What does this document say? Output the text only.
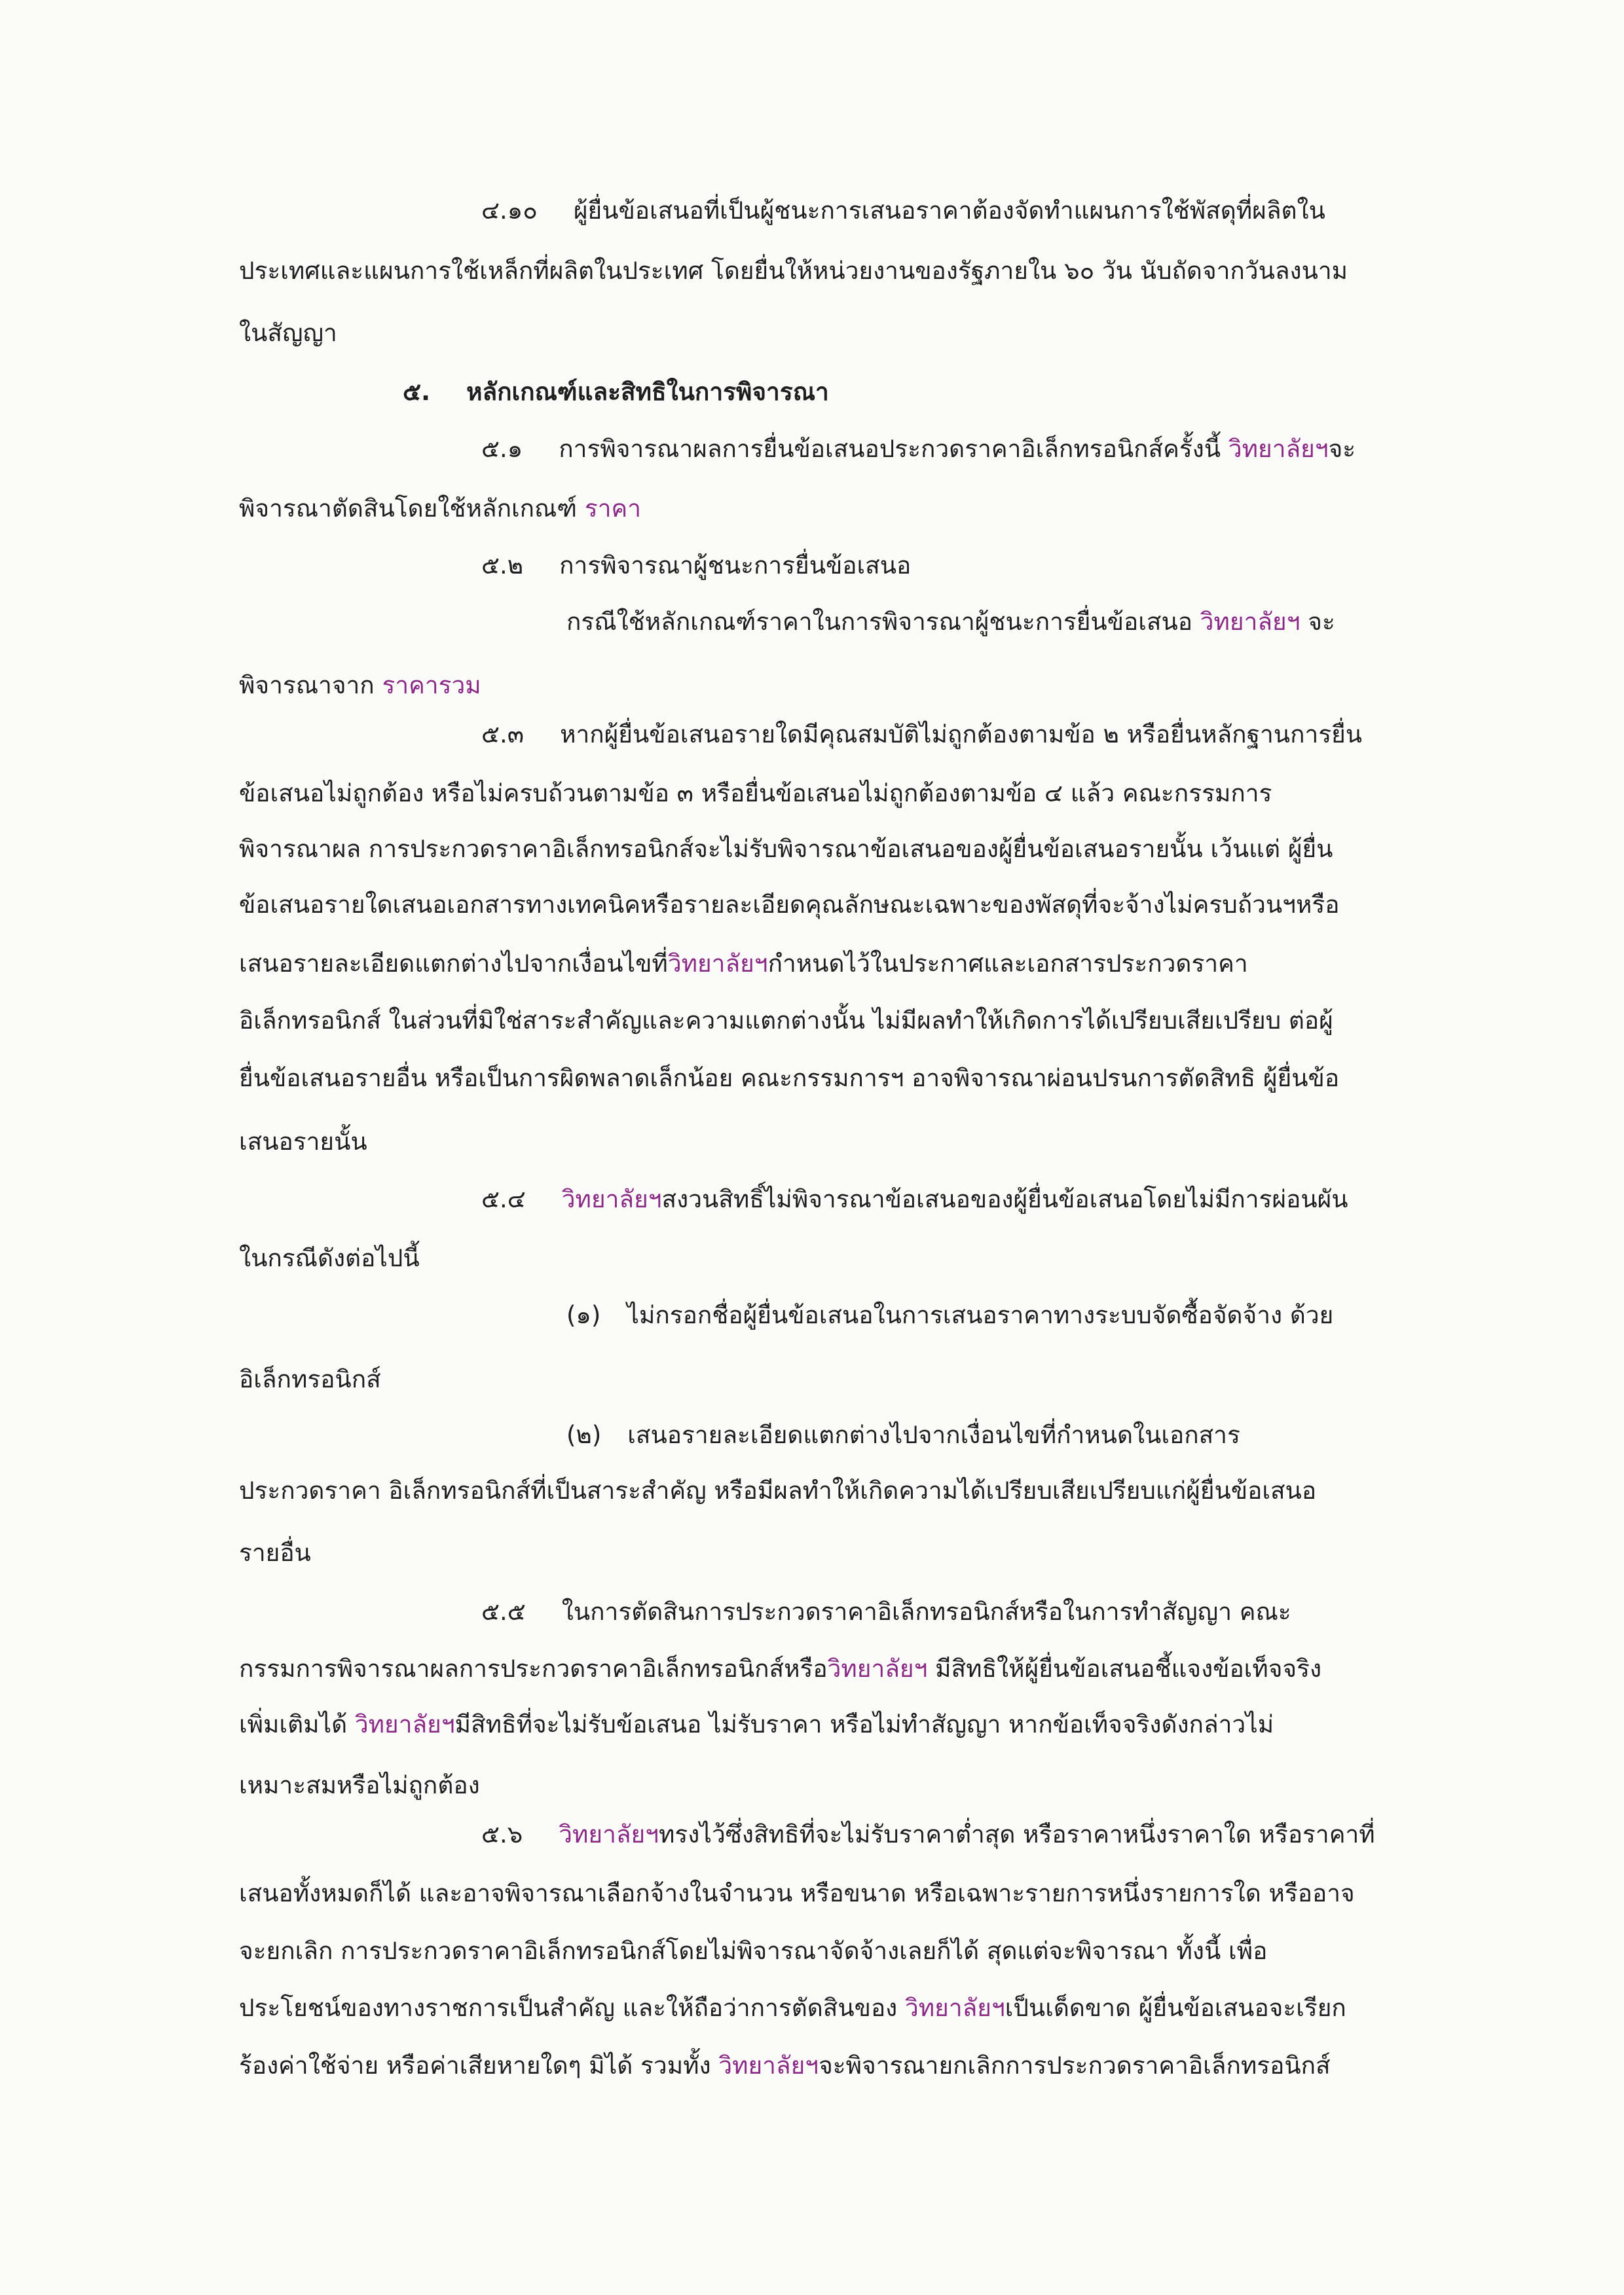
๔.๑๐ ผู้ยื่นข้อเสนอที่เป็นผู้ชนะการเสนอราคาต้องจัดทำแผนการใช้พัสดุที่ผลิตใน
ประเทศและแผนการใช้เหล็กที่ผลิตในประเทศ โดยยื่นให้หน่วยงานของรัฐภายใน ๖๐ วัน นับถัดจากวันลงนาม
ในสัญญา
๕. หลักเกณฑ์และสิทธิในการพิจารณา
๕.๑ การพิจารณาผลการยื่นข้อเสนอประกวดราคาอิเล็กทรอนิกส์ครั้งนี้ วิทยาลัยฯจะ
พิจารณาตัดสินโดยใช้หลักเกณฑ์ ราคา
๕.๒ การพิจารณาผู้ชนะการยื่นข้อเสนอ
กรณีใช้หลักเกณฑ์ราคาในการพิจารณาผู้ชนะการยื่นข้อเสนอ วิทยาลัยฯ จะ
พิจารณาจาก ราคารวม
๕.๓ หากผู้ยื่นข้อเสนอรายใดมีคุณสมบัติไม่ถูกต้องตามข้อ ๒ หรือยื่นหลักฐานการยื่น
ข้อเสนอไม่ถูกต้อง หรือไม่ครบถ้วนตามข้อ ๓ หรือยื่นข้อเสนอไม่ถูกต้องตามข้อ ๔ แล้ว คณะกรรมการ
พิจารณาผล การประกวดราคาอิเล็กทรอนิกส์จะไม่รับพิจารณาข้อเสนอของผู้ยื่นข้อเสนอรายนั้น เว้นแต่ ผู้ยื่น
ข้อเสนอรายใดเสนอเอกสารทางเทคนิคหรือรายละเอียดคุณลักษณะเฉพาะของพัสดุที่จะจ้างไม่ครบถ้วนฯหรือ
เสนอรายละเอียดแตกต่างไปจากเงื่อนไขที่วิทยาลัยฯกำหนดไว้ในประกาศและเอกสารประกวดราคา
อิเล็กทรอนิกส์ ในส่วนที่มิใช่สาระสำคัญและความแตกต่างนั้น ไม่มีผลทำให้เกิดการได้เปรียบเสียเปรียบ ต่อผู้
ยื่นข้อเสนอรายอื่น หรือเป็นการผิดพลาดเล็กน้อย คณะกรรมการฯ อาจพิจารณาผ่อนปรนการตัดสิทธิ ผู้ยื่นข้อ
เสนอรายนั้น
๕.๔ วิทยาลัยฯสงวนสิทธิ์ไม่พิจารณาข้อเสนอของผู้ยื่นข้อเสนอโดยไม่มีการผ่อนผัน
ในกรณีดังต่อไปนี้
(๑) ไม่กรอกชื่อผู้ยื่นข้อเสนอในการเสนอราคาทางระบบจัดซื้อจัดจ้าง ด้วย
อิเล็กทรอนิกส์
(๒) เสนอรายละเอียดแตกต่างไปจากเงื่อนไขที่กำหนดในเอกสาร
ประกวดราคา อิเล็กทรอนิกส์ที่เป็นสาระสำคัญ หรือมีผลทำให้เกิดความได้เปรียบเสียเปรียบแก่ผู้ยื่นข้อเสนอ
รายอื่น
๕.๕ ในการตัดสินการประกวดราคาอิเล็กทรอนิกส์หรือในการทำสัญญา คณะ
กรรมการพิจารณาผลการประกวดราคาอิเล็กทรอนิกส์หรือวิทยาลัยฯ มีสิทธิให้ผู้ยื่นข้อเสนอชี้แจงข้อเท็จจริง
เพิ่มเติมได้ วิทยาลัยฯมีสิทธิที่จะไม่รับข้อเสนอ ไม่รับราคา หรือไม่ทำสัญญา หากข้อเท็จจริงดังกล่าวไม่
เหมาะสมหรือไม่ถูกต้อง
๕.๖ วิทยาลัยฯทรงไว้ซึ่งสิทธิที่จะไม่รับราคาต่ำสุด หรือราคาหนึ่งราคาใด หรือราคาที่
เสนอทั้งหมดก็ได้ และอาจพิจารณาเลือกจ้างในจำนวน หรือขนาด หรือเฉพาะรายการหนึ่งรายการใด หรืออาจ
จะยกเลิก การประกวดราคาอิเล็กทรอนิกส์โดยไม่พิจารณาจัดจ้างเลยก็ได้ สุดแต่จะพิจารณา ทั้งนี้ เพื่อ
ประโยชน์ของทางราชการเป็นสำคัญ และให้ถือว่าการตัดสินของ วิทยาลัยฯเป็นเด็ดขาด ผู้ยื่นข้อเสนอจะเรียก
ร้องค่าใช้จ่าย หรือค่าเสียหายใดๆ มิได้ รวมทั้ง วิทยาลัยฯจะพิจารณายกเลิกการประกวดราคาอิเล็กทรอนิกส์
